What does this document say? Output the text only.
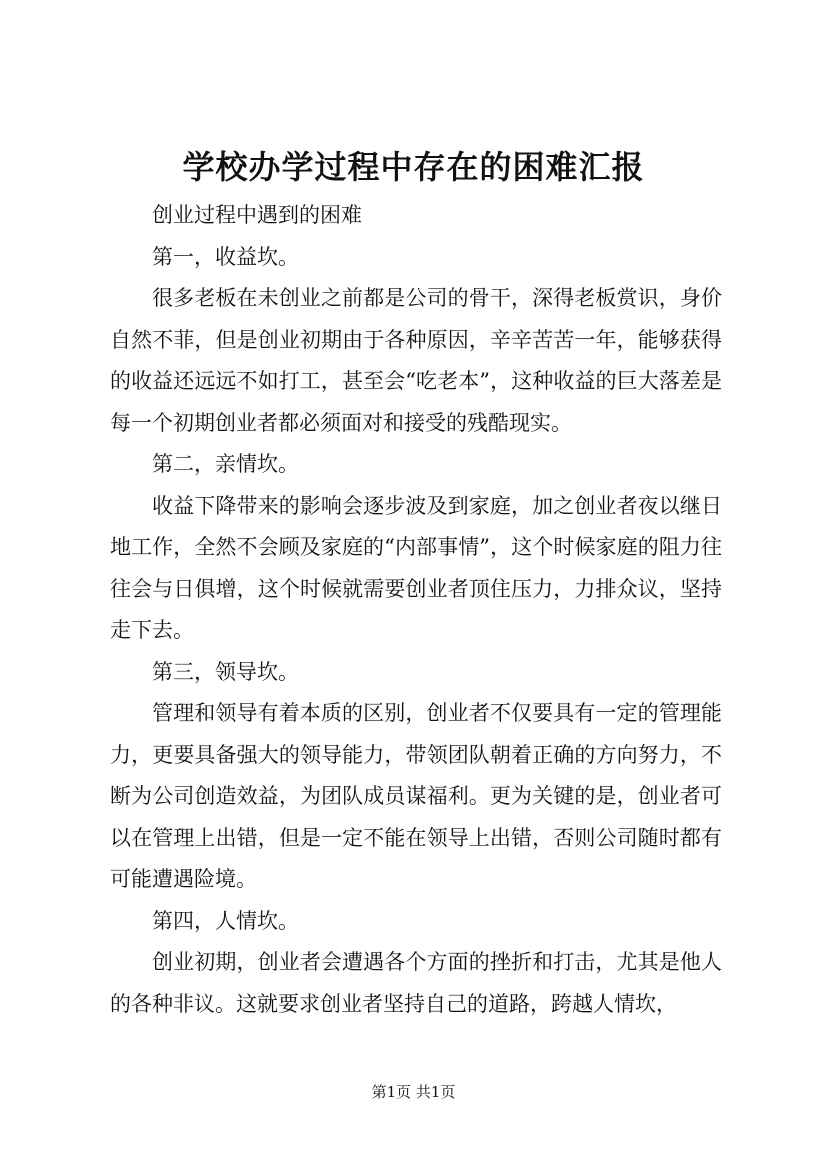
学校办学过程中存在的困难汇报

创业过程中遇到的困难

第一，收益坎。

很多老板在未创业之前都是公司的骨干，深得老板赏识，身价自然不菲，但是创业初期由于各种原因，辛辛苦苦一年，能够获得的收益还远远不如打工，甚至会“吃老本”，这种收益的巨大落差是每一个初期创业者都必须面对和接受的残酷现实。

第二，亲情坎。

收益下降带来的影响会逐步波及到家庭，加之创业者夜以继日地工作，全然不会顾及家庭的“内部事情”，这个时候家庭的阻力往往会与日俱增，这个时候就需要创业者顶住压力，力排众议，坚持走下去。

第三，领导坎。

管理和领导有着本质的区别，创业者不仅要具有一定的管理能力，更要具备强大的领导能力，带领团队朝着正确的方向努力，不断为公司创造效益，为团队成员谋福利。更为关键的是，创业者可以在管理上出错，但是一定不能在领导上出错，否则公司随时都有可能遭遇险境。

第四，人情坎。

创业初期，创业者会遭遇各个方面的挫折和打击，尤其是他人的各种非议。这就要求创业者坚持自己的道路，跨越人情坎，

第1页 共1页
